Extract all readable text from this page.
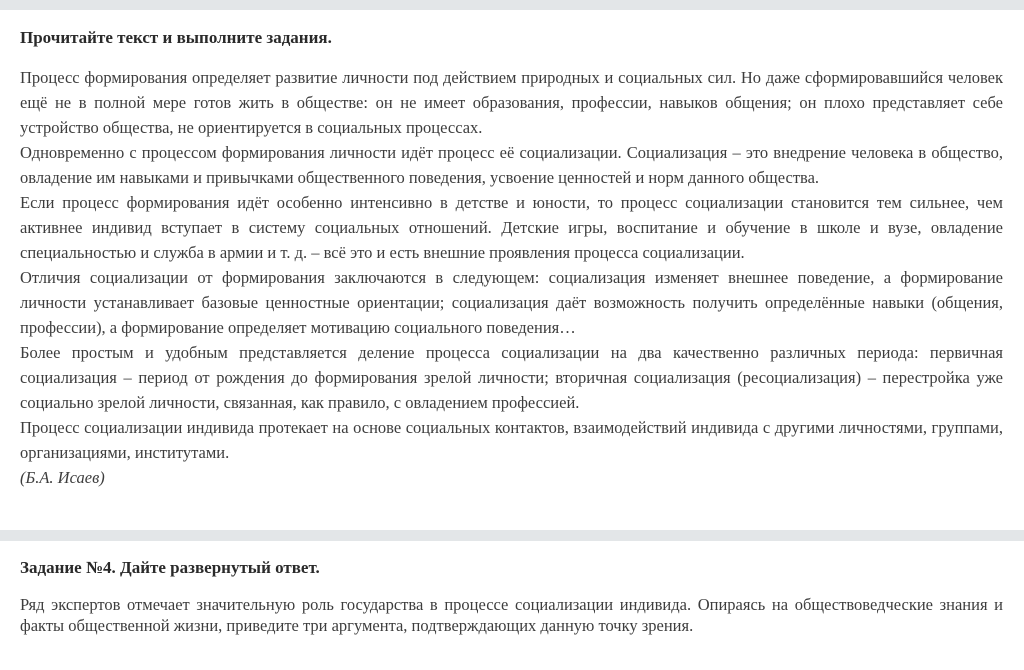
Прочитайте текст и выполните задания.

Процесс формирования определяет развитие личности под действием природных и социальных сил. Но даже сформировавшийся человек ещё не в полной мере готов жить в обществе: он не имеет образования, профессии, навыков общения; он плохо представляет себе устройство общества, не ориентируется в социальных процессах.

Одновременно с процессом формирования личности идёт процесс её социализации. Социализация – это внедрение человека в общество, овладение им навыками и привычками общественного поведения, усвоение ценностей и норм данного общества.

Если процесс формирования идёт особенно интенсивно в детстве и юности, то процесс социализации становится тем сильнее, чем активнее индивид вступает в систему социальных отношений. Детские игры, воспитание и обучение в школе и вузе, овладение специальностью и служба в армии и т. д. – всё это и есть внешние проявления процесса социализации.

Отличия социализации от формирования заключаются в следующем: социализация изменяет внешнее поведение, а формирование личности устанавливает базовые ценностные ориентации; социализация даёт возможность получить определённые навыки (общения, профессии), а формирование определяет мотивацию социального поведения…

Более простым и удобным представляется деление процесса социализации на два качественно различных периода: первичная социализация – период от рождения до формирования зрелой личности; вторичная социализация (ресоциализация) – перестройка уже социально зрелой личности, связанная, как правило, с овладением профессией.

Процесс социализации индивида протекает на основе социальных контактов, взаимодействий индивида с другими личностями, группами, организациями, институтами.

(Б.А. Исаев)

Задание №4. Дайте развернутый ответ.

Ряд экспертов отмечает значительную роль государства в процессе социализации индивида. Опираясь на обществоведческие знания и факты общественной жизни, приведите три аргумента, подтверждающих данную точку зрения.
